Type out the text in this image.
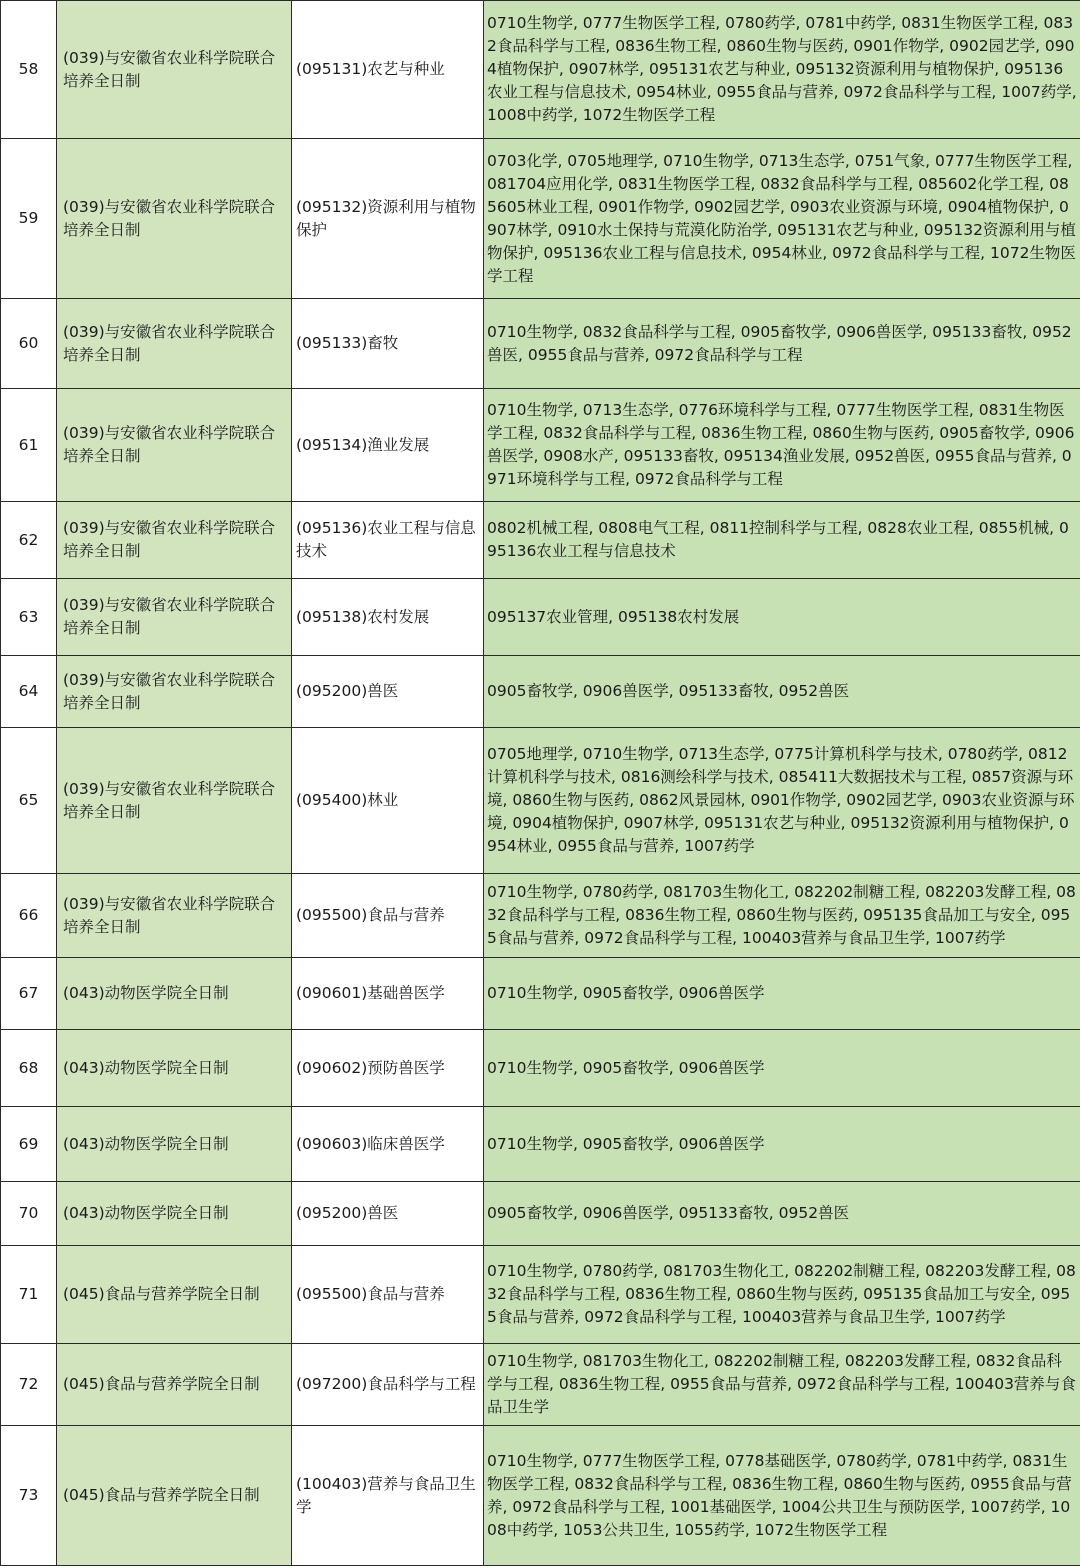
58	(039)与安徽省农业科学院联合培养全日制	(095131)农艺与种业	0710生物学, 0777生物医学工程, 0780药学, 0781中药学, 0831生物医学工程, 0832食品科学与工程, 0836生物工程, 0860生物与医药, 0901作物学, 0902园艺学, 0904植物保护, 0907林学, 095131农艺与种业, 095132资源利用与植物保护, 095136农业工程与信息技术, 0954林业, 0955食品与营养, 0972食品科学与工程, 1007药学, 1008中药学, 1072生物医学工程
59	(039)与安徽省农业科学院联合培养全日制	(095132)资源利用与植物保护	0703化学, 0705地理学, 0710生物学, 0713生态学, 0751气象, 0777生物医学工程, 081704应用化学, 0831生物医学工程, 0832食品科学与工程, 085602化学工程, 085605林业工程, 0901作物学, 0902园艺学, 0903农业资源与环境, 0904植物保护, 0907林学, 0910水土保持与荒漠化防治学, 095131农艺与种业, 095132资源利用与植物保护, 095136农业工程与信息技术, 0954林业, 0972食品科学与工程, 1072生物医学工程
60	(039)与安徽省农业科学院联合培养全日制	(095133)畜牧	0710生物学, 0832食品科学与工程, 0905畜牧学, 0906兽医学, 095133畜牧, 0952兽医, 0955食品与营养, 0972食品科学与工程
61	(039)与安徽省农业科学院联合培养全日制	(095134)渔业发展	0710生物学, 0713生态学, 0776环境科学与工程, 0777生物医学工程, 0831生物医学工程, 0832食品科学与工程, 0836生物工程, 0860生物与医药, 0905畜牧学, 0906兽医学, 0908水产, 095133畜牧, 095134渔业发展, 0952兽医, 0955食品与营养, 0971环境科学与工程, 0972食品科学与工程
62	(039)与安徽省农业科学院联合培养全日制	(095136)农业工程与信息技术	0802机械工程, 0808电气工程, 0811控制科学与工程, 0828农业工程, 0855机械, 095136农业工程与信息技术
63	(039)与安徽省农业科学院联合培养全日制	(095138)农村发展	095137农业管理, 095138农村发展
64	(039)与安徽省农业科学院联合培养全日制	(095200)兽医	0905畜牧学, 0906兽医学, 095133畜牧, 0952兽医
65	(039)与安徽省农业科学院联合培养全日制	(095400)林业	0705地理学, 0710生物学, 0713生态学, 0775计算机科学与技术, 0780药学, 0812计算机科学与技术, 0816测绘科学与技术, 085411大数据技术与工程, 0857资源与环境, 0860生物与医药, 0862风景园林, 0901作物学, 0902园艺学, 0903农业资源与环境, 0904植物保护, 0907林学, 095131农艺与种业, 095132资源利用与植物保护, 0954林业, 0955食品与营养, 1007药学
66	(039)与安徽省农业科学院联合培养全日制	(095500)食品与营养	0710生物学, 0780药学, 081703生物化工, 082202制糖工程, 082203发酵工程, 0832食品科学与工程, 0836生物工程, 0860生物与医药, 095135食品加工与安全, 0955食品与营养, 0972食品科学与工程, 100403营养与食品卫生学, 1007药学
67	(043)动物医学院全日制	(090601)基础兽医学	0710生物学, 0905畜牧学, 0906兽医学
68	(043)动物医学院全日制	(090602)预防兽医学	0710生物学, 0905畜牧学, 0906兽医学
69	(043)动物医学院全日制	(090603)临床兽医学	0710生物学, 0905畜牧学, 0906兽医学
70	(043)动物医学院全日制	(095200)兽医	0905畜牧学, 0906兽医学, 095133畜牧, 0952兽医
71	(045)食品与营养学院全日制	(095500)食品与营养	0710生物学, 0780药学, 081703生物化工, 082202制糖工程, 082203发酵工程, 0832食品科学与工程, 0836生物工程, 0860生物与医药, 095135食品加工与安全, 0955食品与营养, 0972食品科学与工程, 100403营养与食品卫生学, 1007药学
72	(045)食品与营养学院全日制	(097200)食品科学与工程	0710生物学, 081703生物化工, 082202制糖工程, 082203发酵工程, 0832食品科学与工程, 0836生物工程, 0955食品与营养, 0972食品科学与工程, 100403营养与食品卫生学
73	(045)食品与营养学院全日制	(100403)营养与食品卫生学	0710生物学, 0777生物医学工程, 0778基础医学, 0780药学, 0781中药学, 0831生物医学工程, 0832食品科学与工程, 0836生物工程, 0860生物与医药, 0955食品与营养, 0972食品科学与工程, 1001基础医学, 1004公共卫生与预防医学, 1007药学, 1008中药学, 1053公共卫生, 1055药学, 1072生物医学工程
